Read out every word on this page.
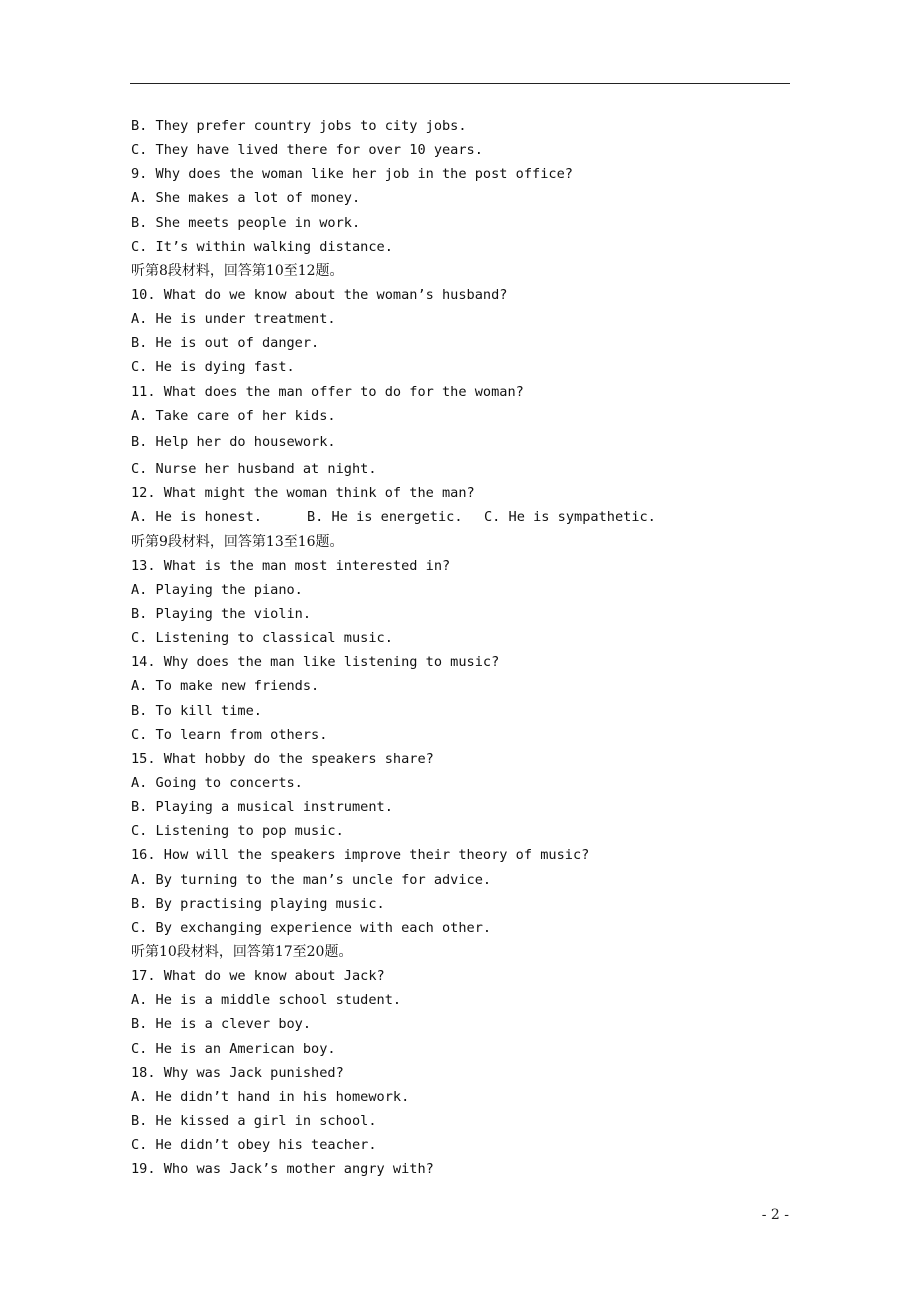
B. They prefer country jobs to city jobs.
C. They have lived there for over 10 years.
9. Why does the woman like her job in the post office?
A. She makes a lot of money.
B. She meets people in work.
C. It’s within walking distance.
听第8段材料，回答第10至12题。
10. What do we know about the woman’s husband?
A. He is under treatment.
B. He is out of danger.
C. He is dying fast.
11. What does the man offer to do for the woman?
A. Take care of her kids.
B. Help her do housework.
C. Nurse her husband at night.
12. What might the woman think of the man?
A. He is honest.	B. He is energetic.	C. He is sympathetic.
听第9段材料，回答第13至16题。
13. What is the man most interested in?
A. Playing the piano.
B. Playing the violin.
C. Listening to classical music.
14. Why does the man like listening to music?
A. To make new friends.
B. To kill time.
C. To learn from others.
15. What hobby do the speakers share?
A. Going to concerts.
B. Playing a musical instrument.
C. Listening to pop music.
16. How will the speakers improve their theory of music?
A. By turning to the man’s uncle for advice.
B. By practising playing music.
C. By exchanging experience with each other.
听第10段材料，回答第17至20题。
17. What do we know about Jack?
A. He is a middle school student.
B. He is a clever boy.
C. He is an American boy.
18. Why was Jack punished?
A. He didn’t hand in his homework.
B. He kissed a girl in school.
C. He didn’t obey his teacher.
19. Who was Jack’s mother angry with?
- 2 -
